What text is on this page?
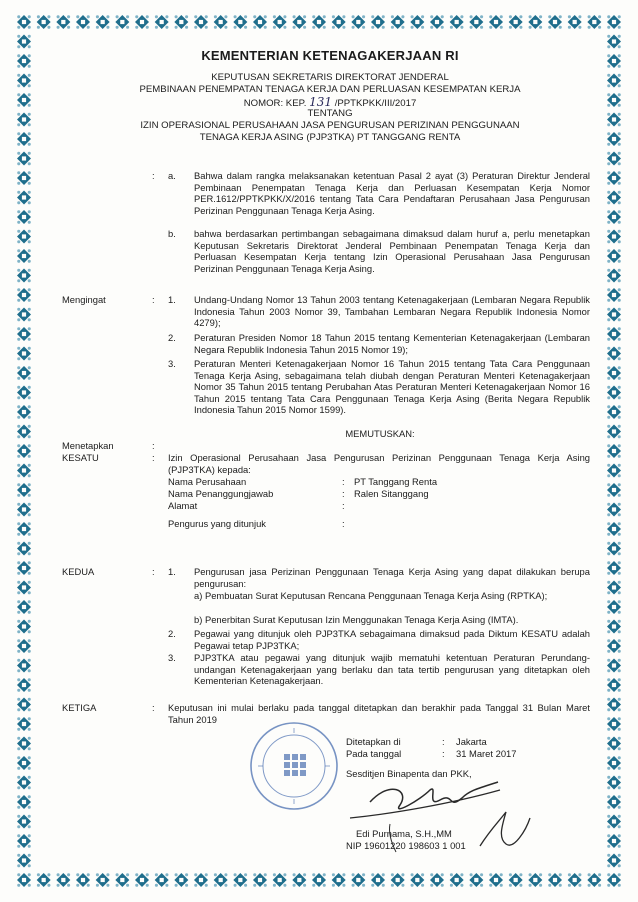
KEMENTERIAN KETENAGAKERJAAN RI
KEPUTUSAN SEKRETARIS DIREKTORAT JENDERAL
PEMBINAAN PENEMPATAN TENAGA KERJA DAN PERLUASAN KESEMPATAN KERJA
NOMOR: KEP. 131 /PPTKPKK/III/2017
TENTANG
IZIN OPERASIONAL PERUSAHAAN JASA PENGURUSAN PERIZINAN PENGGUNAAN
TENAGA KERJA ASING (PJP3TKA) PT TANGGANG RENTA
: a. Bahwa dalam rangka melaksanakan ketentuan Pasal 2 ayat (3) Peraturan Direktur Jenderal Pembinaan Penempatan Tenaga Kerja dan Perluasan Kesempatan Kerja Nomor PER.1612/PPTKPKK/X/2016 tentang Tata Cara Pendaftaran Perusahaan Jasa Pengurusan Perizinan Penggunaan Tenaga Kerja Asing.
b. bahwa berdasarkan pertimbangan sebagaimana dimaksud dalam huruf a, perlu menetapkan Keputusan Sekretaris Direktorat Jenderal Pembinaan Penempatan Tenaga Kerja dan Perluasan Kesempatan Kerja tentang Izin Operasional Perusahaan Jasa Pengurusan Perizinan Penggunaan Tenaga Kerja Asing.
Mengingat	: 1. Undang-Undang Nomor 13 Tahun 2003 tentang Ketenagakerjaan (Lembaran Negara Republik Indonesia Tahun 2003 Nomor 39, Tambahan Lembaran Negara Republik Indonesia Nomor 4279);
2. Peraturan Presiden Nomor 18 Tahun 2015 tentang Kementerian Ketenagakerjaan (Lembaran Negara Republik Indonesia Tahun 2015 Nomor 19);
3. Peraturan Menteri Ketenagakerjaan Nomor 16 Tahun 2015 tentang Tata Cara Penggunaan Tenaga Kerja Asing, sebagaimana telah diubah dengan Peraturan Menteri Ketenagakerjaan Nomor 35 Tahun 2015 tentang Perubahan Atas Peraturan Menteri Ketenagakerjaan Nomor 16 Tahun 2015 tentang Tata Cara Penggunaan Tenaga Kerja Asing (Berita Negara Republik Indonesia Tahun 2015 Nomor 1599).
MEMUTUSKAN:
Menetapkan	:
KESATU	: Izin Operasional Perusahaan Jasa Pengurusan Perizinan Penggunaan Tenaga Kerja Asing (PJP3TKA) kepada:
Nama Perusahaan	: PT Tanggang Renta
Nama Penanggungjawab	: Ralen Sitanggang
Alamat	:
Pengurus yang ditunjuk	:
KEDUA	: 1. Pengurusan jasa Perizinan Penggunaan Tenaga Kerja Asing yang dapat dilakukan berupa pengurusan:
a) Pembuatan Surat Keputusan Rencana Penggunaan Tenaga Kerja Asing (RPTKA);
b) Penerbitan Surat Keputusan Izin Menggunakan Tenaga Kerja Asing (IMTA).
2. Pegawai yang ditunjuk oleh PJP3TKA sebagaimana dimaksud pada Diktum KESATU adalah Pegawai tetap PJP3TKA;
3. PJP3TKA atau pegawai yang ditunjuk wajib mematuhi ketentuan Peraturan Perundang-undangan Ketenagakerjaan yang berlaku dan tata tertib pengurusan yang ditetapkan oleh Kementerian Ketenagakerjaan.
KETIGA	: Keputusan ini mulai berlaku pada tanggal ditetapkan dan berakhir pada Tanggal 31 Bulan Maret Tahun 2019
Ditetapkan di	: Jakarta
Pada tanggal	: 31 Maret 2017
Sesditjen Binapenta dan PKK,
Edi Purnama, S.H.,MM
NIP 19601220 198603 1 001
